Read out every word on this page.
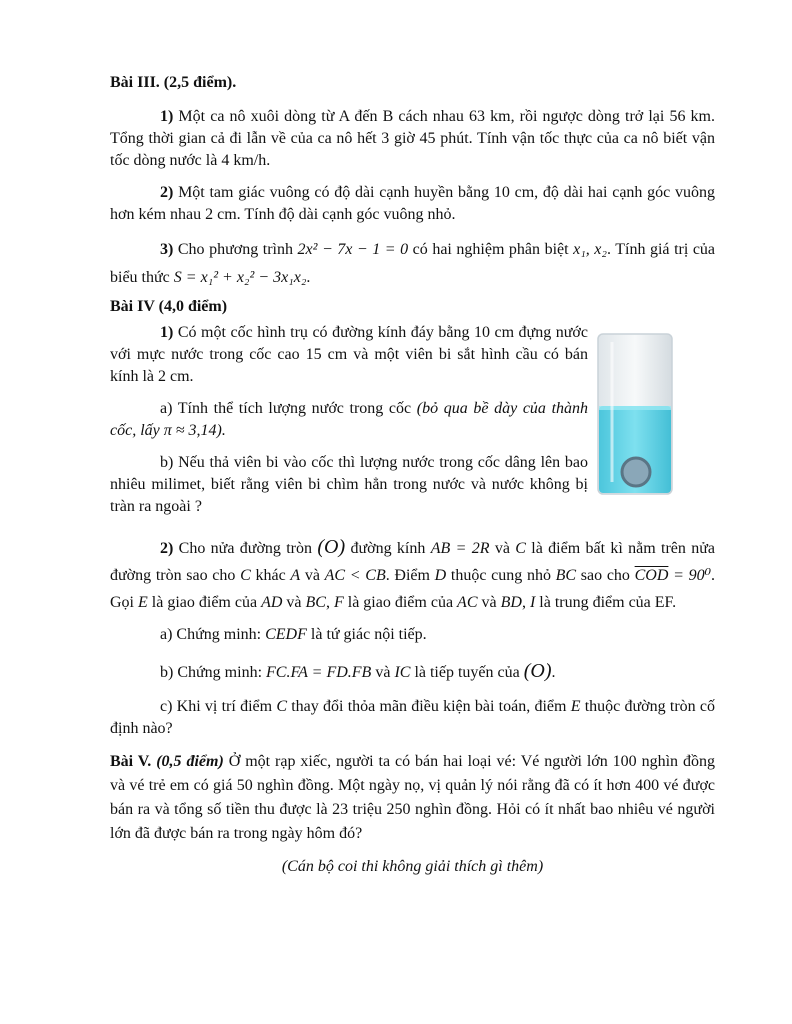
Bài III. (2,5 điểm).

1) Một ca nô xuôi dòng từ A đến B cách nhau 63 km, rồi ngược dòng trở lại 56 km. Tổng thời gian cả đi lẫn về của ca nô hết 3 giờ 45 phút. Tính vận tốc thực của ca nô biết vận tốc dòng nước là 4 km/h.

2) Một tam giác vuông có độ dài cạnh huyền bằng 10 cm, độ dài hai cạnh góc vuông hơn kém nhau 2 cm. Tính độ dài cạnh góc vuông nhỏ.

3) Cho phương trình 2x² − 7x − 1 = 0 có hai nghiệm phân biệt x₁, x₂. Tính giá trị của biểu thức S = x₁² + x₂² − 3x₁x₂.

Bài IV (4,0 điểm)

1) Có một cốc hình trụ có đường kính đáy bằng 10 cm đựng nước với mực nước trong cốc cao 15 cm và một viên bi sắt hình cầu có bán kính là 2 cm.

a) Tính thể tích lượng nước trong cốc (bỏ qua bề dày của thành cốc, lấy π ≈ 3,14).

b) Nếu thả viên bi vào cốc thì lượng nước trong cốc dâng lên bao nhiêu milimet, biết rằng viên bi chìm hẳn trong nước và nước không bị tràn ra ngoài ?

2) Cho nửa đường tròn (O) đường kính AB = 2R và C là điểm bất kì nằm trên nửa đường tròn sao cho C khác A và AC < CB. Điểm D thuộc cung nhỏ BC sao cho $\overline{COD} = 90^0$. Gọi E là giao điểm của AD và BC, F là giao điểm của AC và BD, I là trung điểm của EF.

a) Chứng minh: CEDF là tứ giác nội tiếp.

b) Chứng minh: FC.FA = FD.FB và IC là tiếp tuyến của (O).

c) Khi vị trí điểm C thay đổi thỏa mãn điều kiện bài toán, điểm E thuộc đường tròn cố định nào?

Bài V. (0,5 điểm) Ở một rạp xiếc, người ta có bán hai loại vé: Vé người lớn 100 nghìn đồng và vé trẻ em có giá 50 nghìn đồng. Một ngày nọ, vị quản lý nói rằng đã có ít hơn 400 vé được bán ra và tổng số tiền thu được là 23 triệu 250 nghìn đồng. Hỏi có ít nhất bao nhiêu vé người lớn đã được bán ra trong ngày hôm đó?

(Cán bộ coi thi không giải thích gì thêm)
